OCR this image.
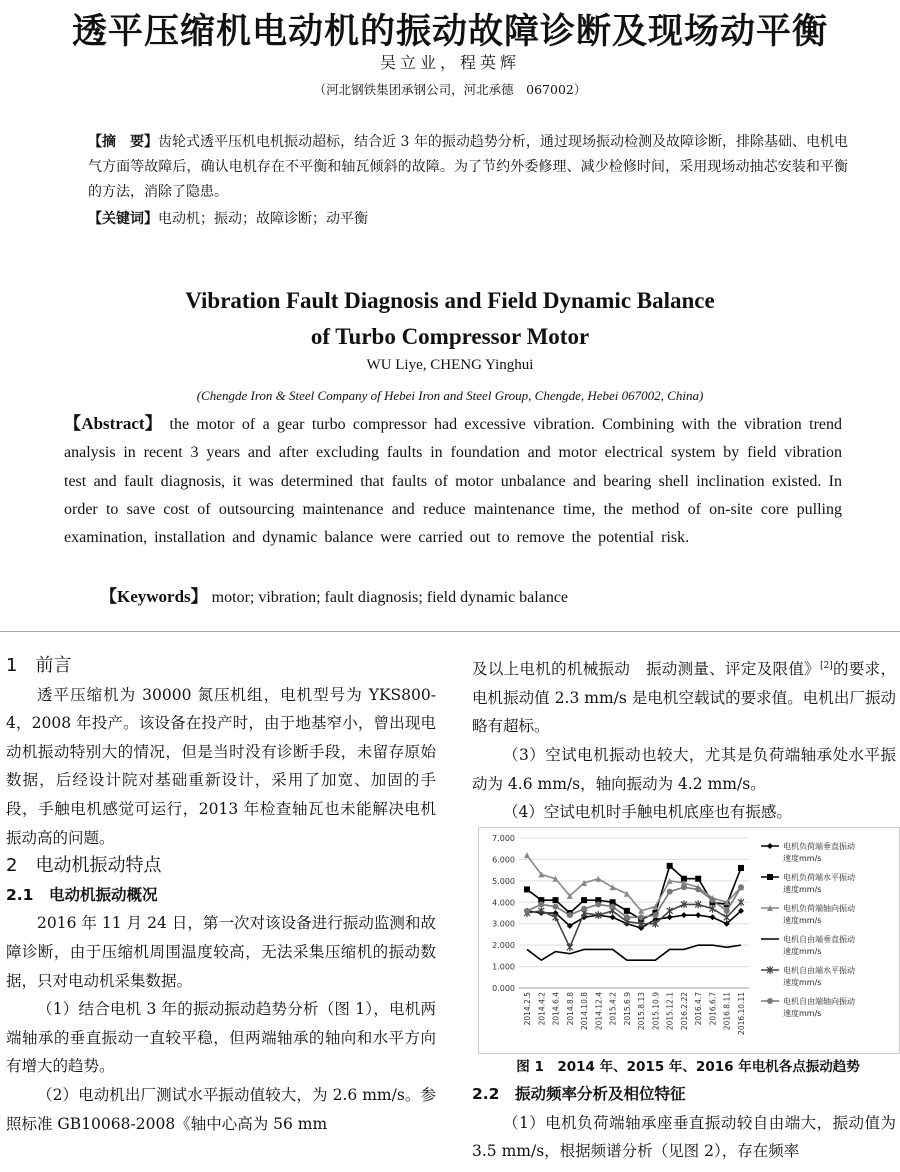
透平压缩机电动机的振动故障诊断及现场动平衡
吴立业，程英辉
（河北钢铁集团承钢公司，河北承德　067002）
【摘　要】齿轮式透平压机电机振动超标，结合近 3 年的振动趋势分析，通过现场振动检测及故障诊断，排除基础、电机电气方面等故障后，确认电机存在不平衡和轴瓦倾斜的故障。为了节约外委修理、减少检修时间，采用现场动抽芯安装和平衡的方法，消除了隐患。
【关键词】电动机；振动；故障诊断；动平衡
Vibration Fault Diagnosis and Field Dynamic Balance
of Turbo Compressor Motor
WU Liye, CHENG Yinghui
(Chengde Iron & Steel Company of Hebei Iron and Steel Group, Chengde, Hebei 067002, China)
【Abstract】 the motor of a gear turbo compressor had excessive vibration. Combining with the vibration trend analysis in recent 3 years and after excluding faults in foundation and motor electrical system by field vibration test and fault diagnosis, it was determined that faults of motor unbalance and bearing shell inclination existed. In order to save cost of outsourcing maintenance and reduce maintenance time, the method of on-site core pulling examination, installation and dynamic balance were carried out to remove the potential risk.
【Keywords】 motor; vibration; fault diagnosis; field dynamic balance

1　前言

透平压缩机为 30000 氮压机组，电机型号为 YKS800-4，2008 年投产。该设备在投产时，由于地基窄小，曾出现电动机振动特别大的情况，但是当时没有诊断手段，未留存原始数据，后经设计院对基础重新设计，采用了加宽、加固的手段，手触电机感觉可运行，2013 年检查轴瓦也未能解决电机振动高的问题。

2　电动机振动特点

2.1　电动机振动概况

2016 年 11 月 24 日，第一次对该设备进行振动监测和故障诊断，由于压缩机周围温度较高，无法采集压缩机的振动数据，只对电动机采集数据。

（1）结合电机 3 年的振动振动趋势分析（图 1），电机两端轴承的垂直振动一直较平稳，但两端轴承的轴向和水平方向有增大的趋势。

（2）电动机出厂测试水平振动值较大，为 2.6 mm/s。参照标准 GB10068-2008《轴中心高为 56 mm

及以上电机的机械振动　振动测量、评定及限值》[2]的要求，电机振动值 2.3 mm/s 是电机空载试的要求值。电机出厂振动略有超标。

（3）空试电机振动也较大，尤其是负荷端轴承处水平振动为 4.6 mm/s，轴向振动为 4.2 mm/s。

（4）空试电机时手触电机底座也有振感。

0.000
1.000
2.000
3.000
4.000
5.000
6.000
7.000
2014.2.5 2014.4.2 2014.6.4 2014.8.8 2014.10.8 2014.12.4 2015.4.2 2015.6.9 2015.8.13 2015.10.9 2015.12.1 2016.2.22 2016.4.7 2016.6.7 2016.8.11 2016.10.11
电机负荷端垂直振动
速度mm/s
电机负荷端水平振动
速度mm/s
电机负荷端轴向振动
速度mm/s
电机自由端垂直振动
速度mm/s
电机自由端水平振动
速度mm/s
电机自由端轴向振动
速度mm/s
图 1　2014 年、2015 年、2016 年电机各点振动趋势

2.2　振动频率分析及相位特征

（1）电机负荷端轴承座垂直振动较自由端大，振动值为 3.5 mm/s，根据频谱分析（见图 2），存在频率
